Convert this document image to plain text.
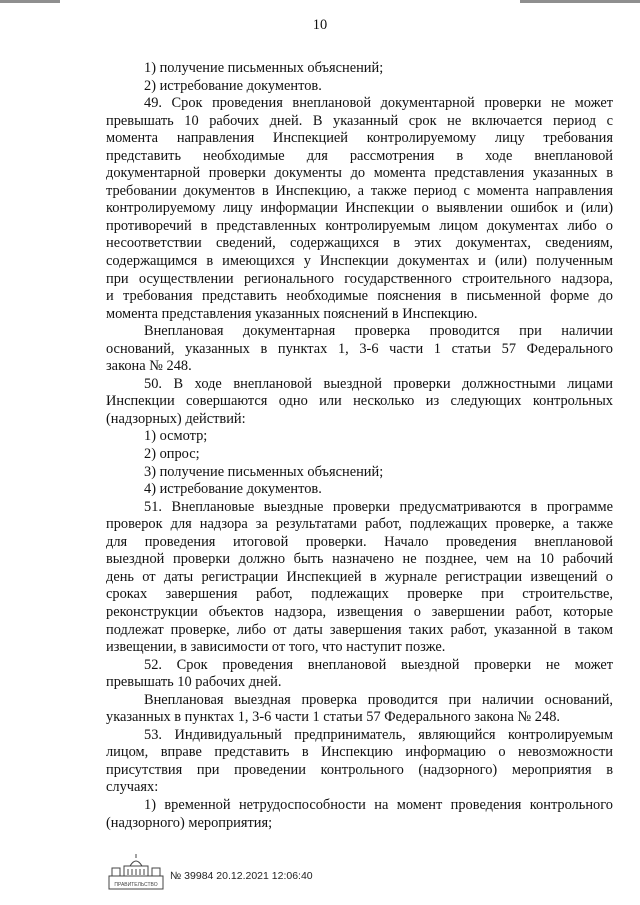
10
1) получение письменных объяснений;
2) истребование документов.
49. Срок проведения внеплановой документарной проверки не может
превышать 10 рабочих дней. В указанный срок не включается период с
момента направления Инспекцией контролируемому лицу требования
представить необходимые для рассмотрения в ходе внеплановой
документарной проверки документы до момента представления указанных в
требовании документов в Инспекцию, а также период с момента направления
контролируемому лицу информации Инспекции о выявлении ошибок и (или)
противоречий в представленных контролируемым лицом документах либо о
несоответствии сведений, содержащихся в этих документах, сведениям,
содержащимся в имеющихся у Инспекции документах и (или) полученным
при осуществлении регионального государственного строительного надзора,
и требования представить необходимые пояснения в письменной форме до
момента представления указанных пояснений в Инспекцию.
Внеплановая документарная проверка проводится при наличии
оснований, указанных в пунктах 1, 3-6 части 1 статьи 57 Федерального
закона № 248.
50. В ходе внеплановой выездной проверки должностными лицами
Инспекции совершаются одно или несколько из следующих контрольных
(надзорных) действий:
1) осмотр;
2) опрос;
3) получение письменных объяснений;
4) истребование документов.
51. Внеплановые выездные проверки предусматриваются в программе
проверок для надзора за результатами работ, подлежащих проверке, а также
для проведения итоговой проверки. Начало проведения внеплановой
выездной проверки должно быть назначено не позднее, чем на 10 рабочий
день от даты регистрации Инспекцией в журнале регистрации извещений о
сроках завершения работ, подлежащих проверке при строительстве,
реконструкции объектов надзора, извещения о завершении работ, которые
подлежат проверке, либо от даты завершения таких работ, указанной в таком
извещении, в зависимости от того, что наступит позже.
52. Срок проведения внеплановой выездной проверки не может
превышать 10 рабочих дней.
Внеплановая выездная проверка проводится при наличии оснований,
указанных в пунктах 1, 3-6 части 1 статьи 57 Федерального закона № 248.
53. Индивидуальный предприниматель, являющийся контролируемым
лицом, вправе представить в Инспекцию информацию о невозможности
присутствия при проведении контрольного (надзорного) мероприятия в
случаях:
1) временной нетрудоспособности на момент проведения контрольного
(надзорного) мероприятия;
ПРАВИТЕЛЬСТВО
№ 39984 20.12.2021 12:06:40
